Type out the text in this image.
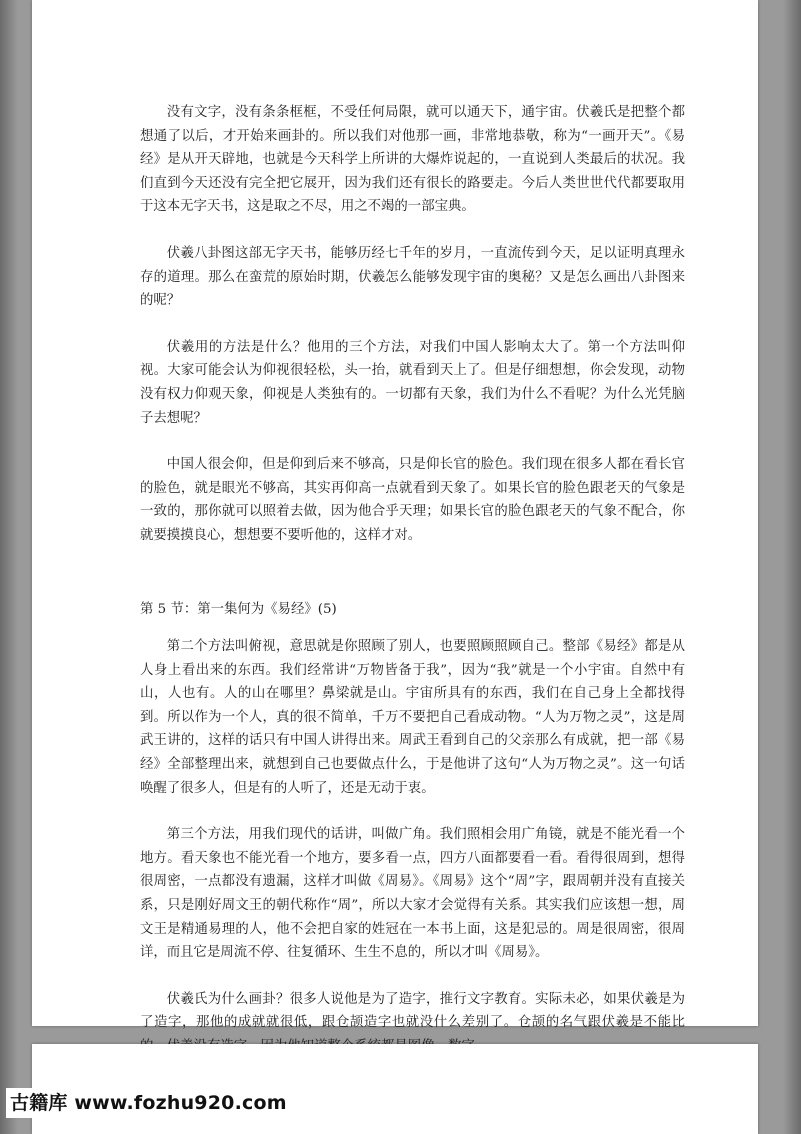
没有文字，没有条条框框，不受任何局限，就可以通天下，通宇宙。伏羲氏是把整个都想通了以后，才开始来画卦的。所以我们对他那一画，非常地恭敬，称为“一画开天”。《易经》是从开天辟地，也就是今天科学上所讲的大爆炸说起的，一直说到人类最后的状况。我们直到今天还没有完全把它展开，因为我们还有很长的路要走。今后人类世世代代都要取用于这本无字天书，这是取之不尽，用之不竭的一部宝典。

伏羲八卦图这部无字天书，能够历经七千年的岁月，一直流传到今天，足以证明真理永存的道理。那么在蛮荒的原始时期，伏羲怎么能够发现宇宙的奥秘？又是怎么画出八卦图来的呢？

伏羲用的方法是什么？他用的三个方法，对我们中国人影响太大了。第一个方法叫仰视。大家可能会认为仰视很轻松，头一抬，就看到天上了。但是仔细想想，你会发现，动物没有权力仰观天象，仰视是人类独有的。一切都有天象，我们为什么不看呢？为什么光凭脑子去想呢？

中国人很会仰，但是仰到后来不够高，只是仰长官的脸色。我们现在很多人都在看长官的脸色，就是眼光不够高，其实再仰高一点就看到天象了。如果长官的脸色跟老天的气象是一致的，那你就可以照着去做，因为他合乎天理；如果长官的脸色跟老天的气象不配合，你就要摸摸良心，想想要不要听他的，这样才对。

第 5 节：第一集何为《易经》(5)

第二个方法叫俯视，意思就是你照顾了别人，也要照顾照顾自己。整部《易经》都是从人身上看出来的东西。我们经常讲“万物皆备于我”，因为“我”就是一个小宇宙。自然中有山，人也有。人的山在哪里？鼻梁就是山。宇宙所具有的东西，我们在自己身上全都找得到。所以作为一个人，真的很不简单，千万不要把自己看成动物。“人为万物之灵”，这是周武王讲的，这样的话只有中国人讲得出来。周武王看到自己的父亲那么有成就，把一部《易经》全部整理出来，就想到自己也要做点什么，于是他讲了这句“人为万物之灵”。这一句话唤醒了很多人，但是有的人听了，还是无动于衷。

第三个方法，用我们现代的话讲，叫做广角。我们照相会用广角镜，就是不能光看一个地方。看天象也不能光看一个地方，要多看一点，四方八面都要看一看。看得很周到，想得很周密，一点都没有遗漏，这样才叫做《周易》。《周易》这个“周”字，跟周朝并没有直接关系，只是刚好周文王的朝代称作“周”，所以大家才会觉得有关系。其实我们应该想一想，周文王是精通易理的人，他不会把自家的姓冠在一本书上面，这是犯忌的。周是很周密，很周详，而且它是周流不停、往复循环、生生不息的，所以才叫《周易》。

伏羲氏为什么画卦？很多人说他是为了造字，推行文字教育。实际未必，如果伏羲是为了造字，那他的成就就很低，跟仓颉造字也就没什么差别了。仓颉的名气跟伏羲是不能比

古籍库 www.fozhu920.com
